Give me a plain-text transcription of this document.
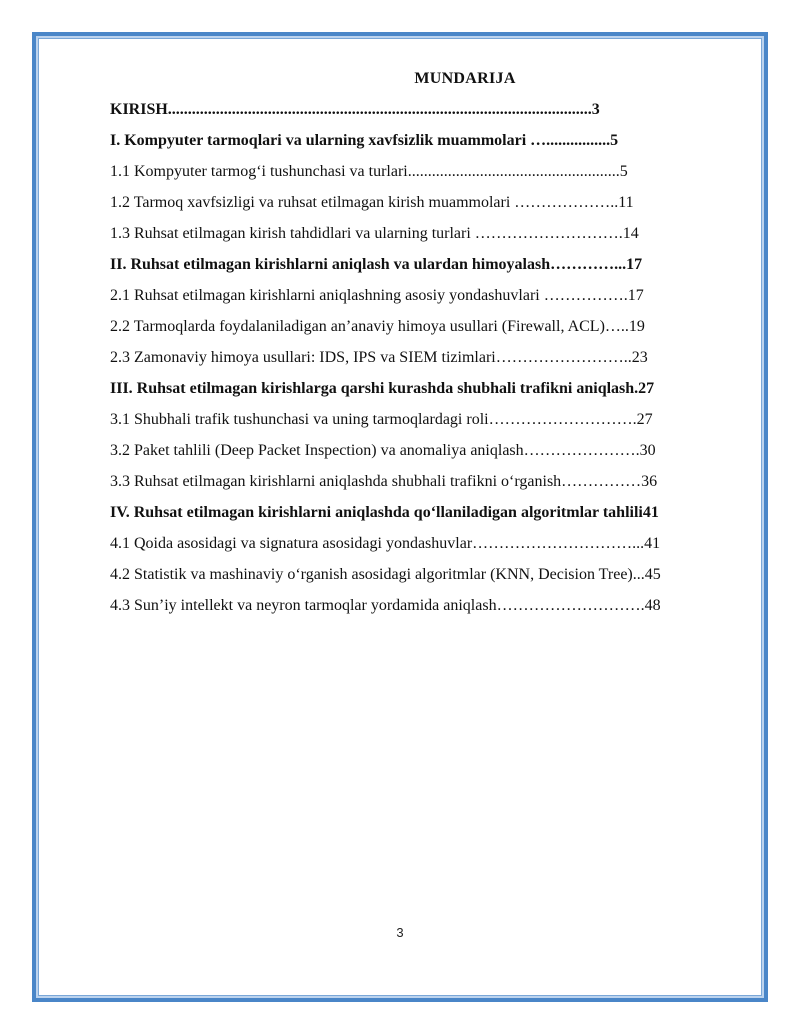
MUNDARIJA
KIRISH..........................................................................................................3
I. Kompyuter tarmoqlari va ularning xavfsizlik muammolari …................5
1.1 Kompyuter tarmog‘i tushunchasi va turlari.....................................................5
1.2 Tarmoq xavfsizligi va ruhsat etilmagan kirish muammolari ………………..11
1.3 Ruhsat etilmagan kirish tahdidlari va ularning turlari ……………………….14
II. Ruhsat etilmagan kirishlarni aniqlash va ulardan himoyalash…………...17
2.1 Ruhsat etilmagan kirishlarni aniqlashning asosiy yondashuvlari …………….17
2.2 Tarmoqlarda foydalaniladigan an’anaviy himoya usullari (Firewall, ACL)…..19
2.3 Zamonaviy himoya usullari: IDS, IPS va SIEM tizimlari……………………..23
III. Ruhsat etilmagan kirishlarga qarshi kurashda shubhali trafikni aniqlash.27
3.1 Shubhali trafik tushunchasi va uning tarmoqlardagi roli……………………….27
3.2 Paket tahlili (Deep Packet Inspection) va anomaliya aniqlash………………….30
3.3 Ruhsat etilmagan kirishlarni aniqlashda shubhali trafikni o‘rganish……………36
IV. Ruhsat etilmagan kirishlarni aniqlashda qo‘llaniladigan algoritmlar tahlili41
4.1 Qoida asosidagi va signatura asosidagi yondashuvlar…………………………...41
4.2 Statistik va mashinaviy o‘rganish asosidagi algoritmlar (KNN, Decision Tree)...45
4.3 Sun’iy intellekt va neyron tarmoqlar yordamida aniqlash……………………….48
3
